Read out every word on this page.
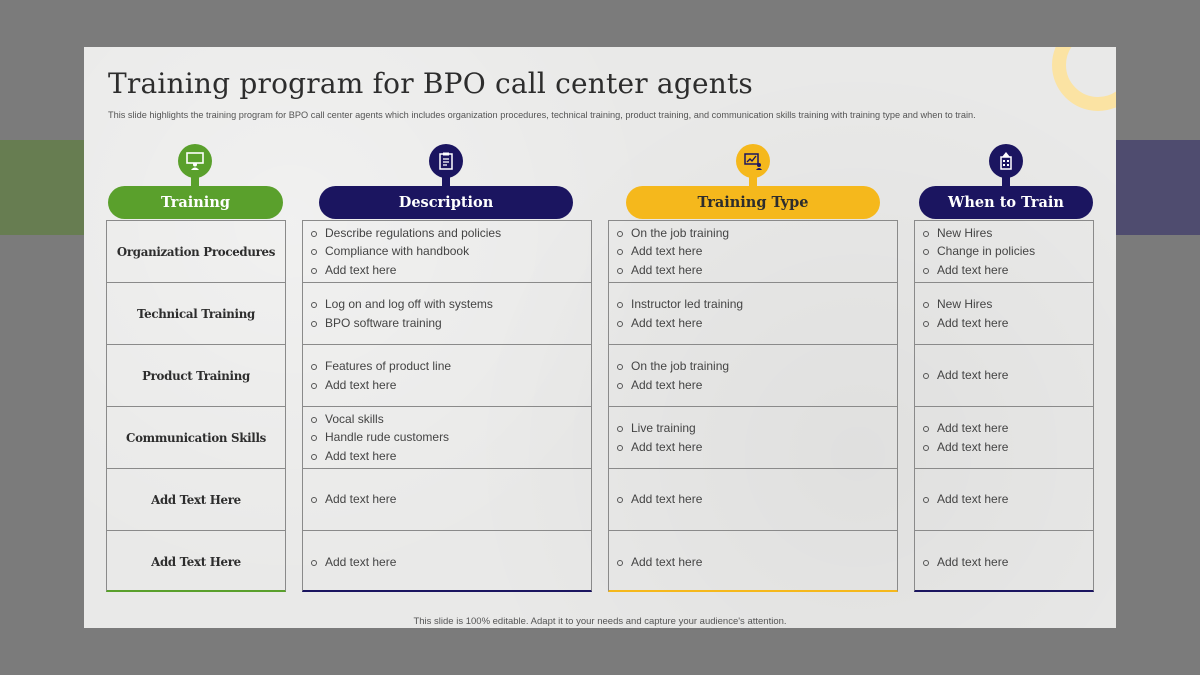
Training program for BPO call center agents
This slide highlights the training program for BPO call center agents which includes organization procedures, technical training, product training, and communication skills training with training type and when to train.
Training
Organization Procedures
Technical Training
Product Training
Communication Skills
Add Text Here
Add Text Here
Description
Describe regulations and policies
Compliance with handbook
Add text here
Log on and log off with systems
BPO software training
Features of product line
Add text here
Vocal skills
Handle rude customers
Add text here
Add text here
Add text here
Training Type
On the job training
Add text here
Add text here
Instructor led training
Add text here
On the job training
Add text here
Live training
Add text here
Add text here
Add text here
When to Train
New Hires
Change in policies
Add text here
New Hires
Add text here
Add text here
Add text here
Add text here
Add text here
Add text here
This slide is 100% editable. Adapt it to your needs and capture your audience's attention.
